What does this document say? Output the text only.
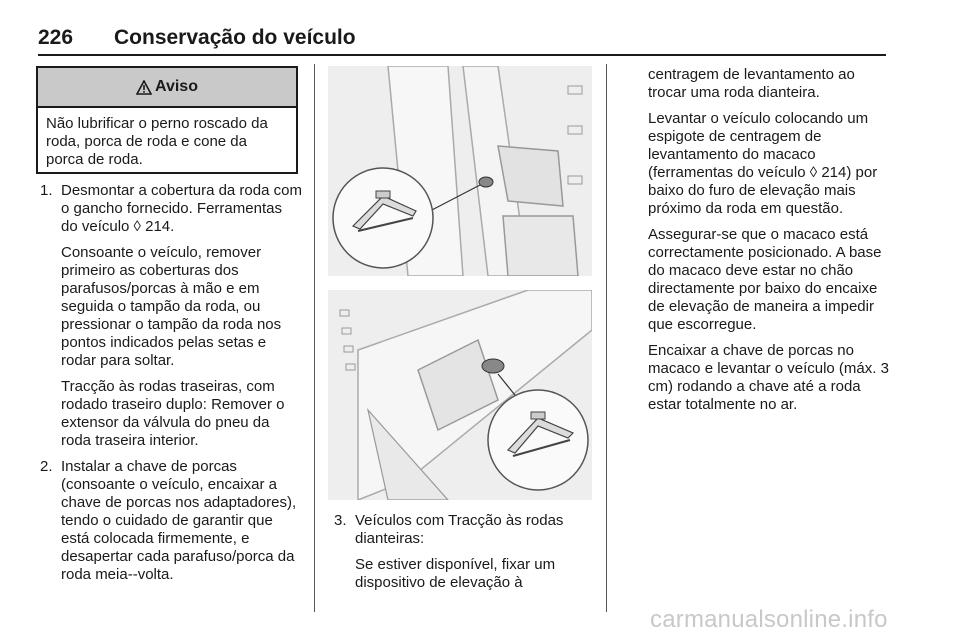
226 Conservação do veículo
Aviso
Não lubrificar o perno roscado da roda, porca de roda e cone da porca de roda.
1. Desmontar a cobertura da roda com o gancho fornecido. Ferramentas do veículo ◊ 214.

Consoante o veículo, remover primeiro as coberturas dos parafusos/porcas à mão e em seguida o tampão da roda, ou pressionar o tampão da roda nos pontos indicados pelas setas e rodar para soltar.

Tracção às rodas traseiras, com rodado traseiro duplo: Remover o extensor da válvula do pneu da roda traseira interior.

2. Instalar a chave de porcas (consoante o veículo, encaixar a chave de porcas nos adaptadores), tendo o cuidado de garantir que está colocada firmemente, e desapertar cada parafuso/porca da roda meia--volta.

3. Veículos com Tracção às rodas dianteiras:

Se estiver disponível, fixar um dispositivo de elevação à

centragem de levantamento ao trocar uma roda dianteira.

Levantar o veículo colocando um espigote de centragem de levantamento do macaco (ferramentas do veículo ◊ 214) por baixo do furo de elevação mais próximo da roda em questão.

Assegurar-se que o macaco está correctamente posicionado. A base do macaco deve estar no chão directamente por baixo do encaixe de elevação de maneira a impedir que escorregue.

Encaixar a chave de porcas no macaco e levantar o veículo (máx. 3 cm) rodando a chave até a roda estar totalmente no ar.

carmanualsonline.info
